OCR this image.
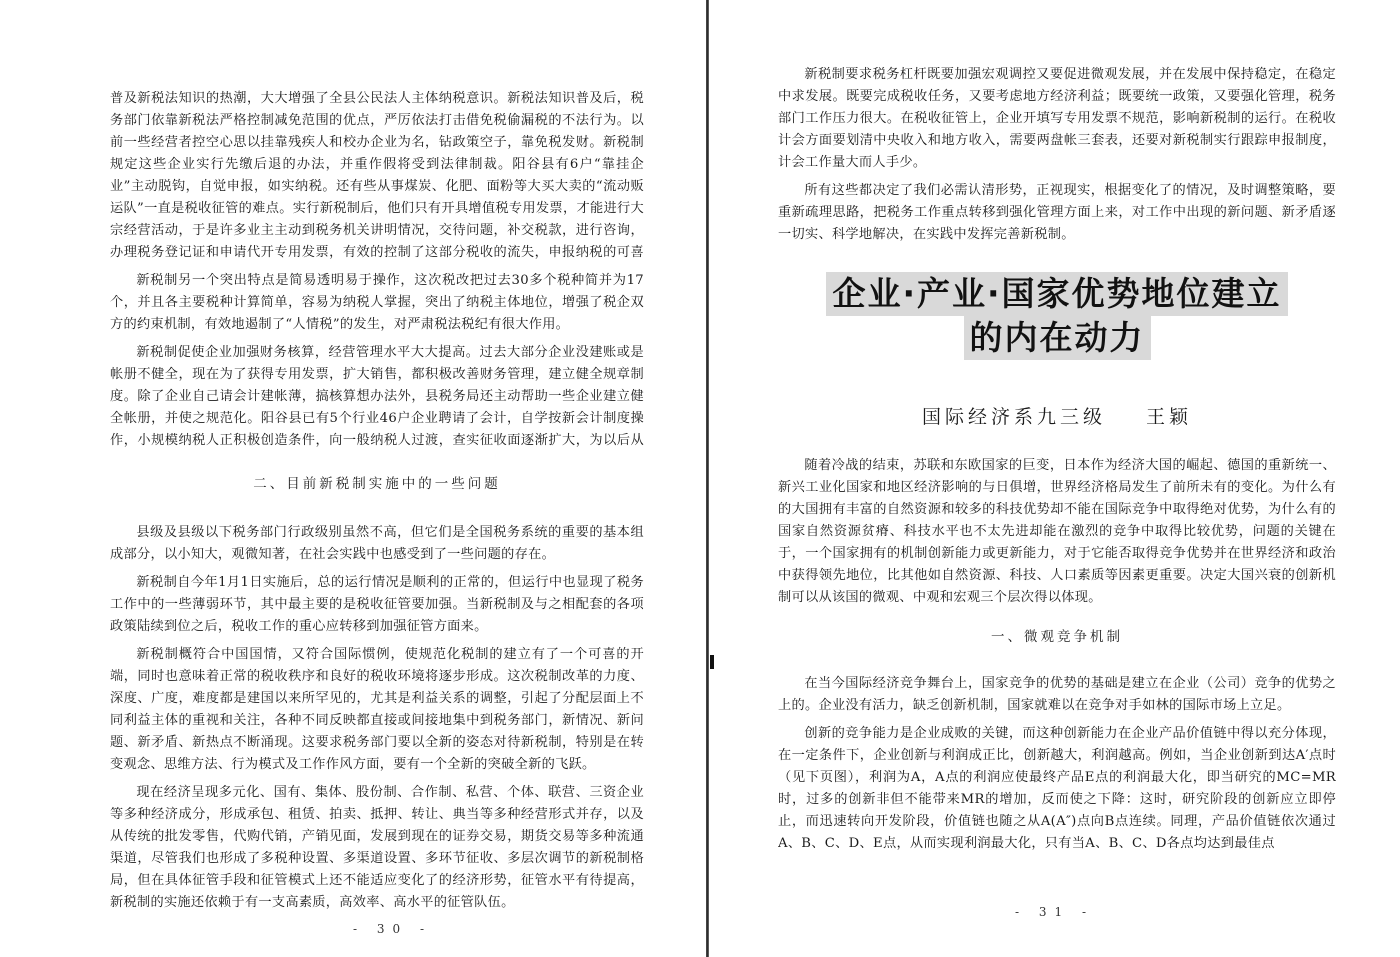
普及新税法知识的热潮，大大增强了全县公民法人主体纳税意识。新税法知识普及后，税务部门依靠新税法严格控制减免范围的优点，严厉依法打击借免税偷漏税的不法行为。以前一些经营者控空心思以挂靠残疾人和校办企业为名，钻政策空子，靠免税发财。新税制规定这些企业实行先缴后退的办法，并重作假将受到法律制裁。阳谷县有6户“靠挂企业”主动脱钩，自觉申报，如实纳税。还有些从事煤炭、化肥、面粉等大买大卖的“流动贩运队”一直是税收征管的难点。实行新税制后，他们只有开具增值税专用发票，才能进行大宗经营活动，于是许多业主主动到税务机关讲明情况，交待问题，补交税款，进行咨询，办理税务登记证和申请代开专用发票，有效的控制了这部分税收的流失，申报纳税的可喜

新税制另一个突出特点是简易透明易于操作，这次税改把过去30多个税种简并为17个，并且各主要税种计算简单，容易为纳税人掌握，突出了纳税主体地位，增强了税企双方的约束机制，有效地遏制了“人情税”的发生，对严肃税法税纪有很大作用。

新税制促使企业加强财务核算，经营管理水平大大提高。过去大部分企业没建账或是帐册不健全，现在为了获得专用发票，扩大销售，都积极改善财务管理，建立健全规章制度。除了企业自己请会计建帐薄，搞核算想办法外，县税务局还主动帮助一些企业建立健全帐册，并使之规范化。阳谷县已有5个行业46户企业聘请了会计，自学按新会计制度操作，小规模纳税人正积极创造条件，向一般纳税人过渡，查实征收面逐渐扩大，为以后从

二、目前新税制实施中的一些问题

县级及县级以下税务部门行政级别虽然不高，但它们是全国税务系统的重要的基本组成部分，以小知大，观微知著，在社会实践中也感受到了一些问题的存在。

新税制自今年1月1日实施后，总的运行情况是顺利的正常的，但运行中也显现了税务工作中的一些薄弱环节，其中最主要的是税收征管要加强。当新税制及与之相配套的各项政策陆续到位之后，税收工作的重心应转移到加强征管方面来。

新税制概符合中国国情，又符合国际惯例，使规范化税制的建立有了一个可喜的开端，同时也意味着正常的税收秩序和良好的税收环境将逐步形成。这次税制改革的力度、深度、广度，难度都是建国以来所罕见的，尤其是利益关系的调整，引起了分配层面上不同利益主体的重视和关注，各种不同反映都直接或间接地集中到税务部门，新情况、新问题、新矛盾、新热点不断涌现。这要求税务部门要以全新的姿态对待新税制，特别是在转变观念、思维方法、行为模式及工作作风方面，要有一个全新的突破全新的飞跃。

现在经济呈现多元化、国有、集体、股份制、合作制、私营、个体、联营、三资企业等多种经济成分，形成承包、租赁、拍卖、抵押、转让、典当等多种经营形式并存，以及从传统的批发零售，代购代销，产销见面，发展到现在的证券交易，期货交易等多种流通渠道，尽管我们也形成了多税种设置、多渠道设置、多环节征收、多层次调节的新税制格局，但在具体征管手段和征管模式上还不能适应变化了的经济形势，征管水平有待提高，新税制的实施还依赖于有一支高素质，高效率、高水平的征管队伍。

- 30 -

新税制要求税务杠杆既要加强宏观调控又要促进微观发展，并在发展中保持稳定，在稳定中求发展。既要完成税收任务，又要考虑地方经济利益；既要统一政策，又要强化管理，税务部门工作压力很大。在税收征管上，企业开填写专用发票不规范，影响新税制的运行。在税收计会方面要划清中央收入和地方收入，需要两盘帐三套表，还要对新税制实行跟踪申报制度，计会工作量大而人手少。

所有这些都决定了我们必需认清形势，正视现实，根据变化了的情况，及时调整策略，要重新疏理思路，把税务工作重点转移到强化管理方面上来，对工作中出现的新问题、新矛盾逐一切实、科学地解决，在实践中发挥完善新税制。

企业·产业·国家优势地位建立
的内在动力
国际经济系九三级 王颖

随着冷战的结束，苏联和东欧国家的巨变，日本作为经济大国的崛起、德国的重新统一、新兴工业化国家和地区经济影响的与日俱增，世界经济格局发生了前所未有的变化。为什么有的大国拥有丰富的自然资源和较多的科技优势却不能在国际竞争中取得绝对优势，为什么有的国家自然资源贫瘠、科技水平也不太先进却能在激烈的竞争中取得比较优势，问题的关键在于，一个国家拥有的机制创新能力或更新能力，对于它能否取得竞争优势并在世界经济和政治中获得领先地位，比其他如自然资源、科技、人口素质等因素更重要。决定大国兴衰的创新机制可以从该国的微观、中观和宏观三个层次得以体现。

一、微观竞争机制

在当今国际经济竞争舞台上，国家竞争的优势的基础是建立在企业（公司）竞争的优势之上的。企业没有活力，缺乏创新机制，国家就难以在竞争对手如林的国际市场上立足。

创新的竞争能力是企业成败的关键，而这种创新能力在企业产品价值链中得以充分体现，在一定条件下，企业创新与利润成正比，创新越大，利润越高。例如，当企业创新到达A′点时（见下页图），利润为A，A点的利润应使最终产品E点的利润最大化，即当研究的MC=MR时，过多的创新非但不能带来MR的增加，反而使之下降：这时，研究阶段的创新应立即停止，而迅速转向开发阶段，价值链也随之从A(A″)点向B点连续。同理，产品价值链依次通过A、B、C、D、E点，从而实现利润最大化，只有当A、B、C、D各点均达到最佳点

- 31 -
